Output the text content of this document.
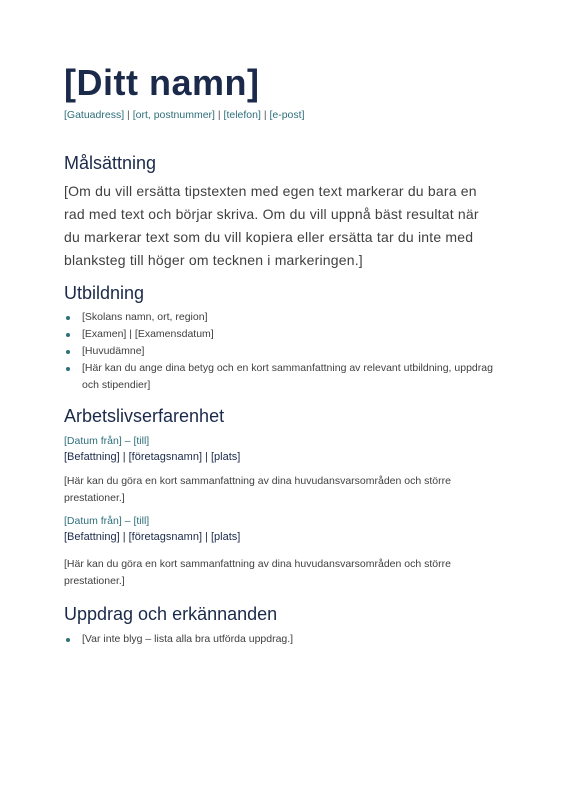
[Ditt namn]
[Gatuadress] | [ort, postnummer] | [telefon] | [e-post]
Målsättning
[Om du vill ersätta tipstexten med egen text markerar du bara en rad med text och börjar skriva. Om du vill uppnå bäst resultat när du markerar text som du vill kopiera eller ersätta tar du inte med blanksteg till höger om tecknen i markeringen.]
Utbildning
[Skolans namn, ort, region]
[Examen] | [Examensdatum]
[Huvudämne]
[Här kan du ange dina betyg och en kort sammanfattning av relevant utbildning, uppdrag och stipendier]
Arbetslivserfarenhet
[Datum från] – [till]
[Befattning] | [företagsnamn] | [plats]
[Här kan du göra en kort sammanfattning av dina huvudansvarsområden och större prestationer.]
[Datum från] – [till]
[Befattning] | [företagsnamn] | [plats]
[Här kan du göra en kort sammanfattning av dina huvudansvarsområden och större prestationer.]
Uppdrag och erkännanden
[Var inte blyg – lista alla bra utförda uppdrag.]
